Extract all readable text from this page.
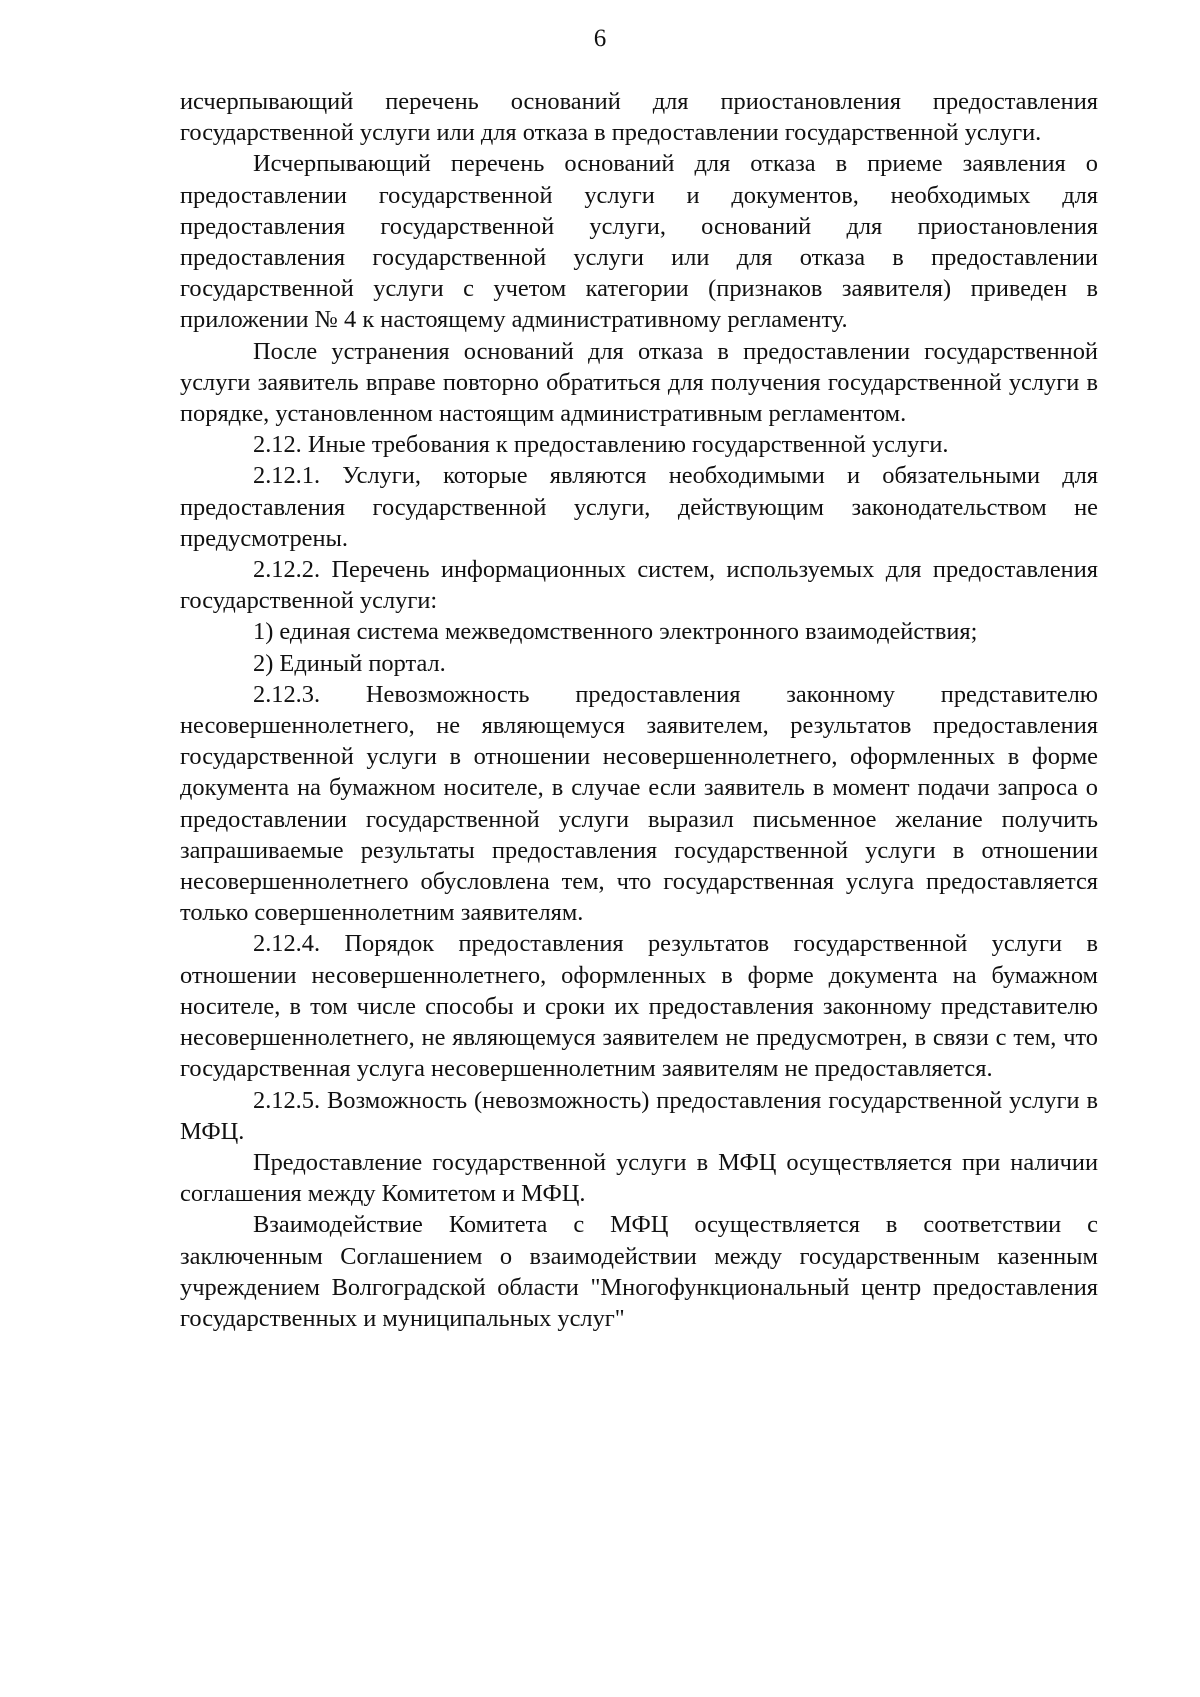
6

исчерпывающий перечень оснований для приостановления предоставления государственной услуги или для отказа в предоставлении государственной услуги.

Исчерпывающий перечень оснований для отказа в приеме заявления о предоставлении государственной услуги и документов, необходимых для предоставления государственной услуги, оснований для приостановления предоставления государственной услуги или для отказа в предоставлении государственной услуги с учетом категории (признаков заявителя) приведен в приложении № 4 к настоящему административному регламенту.

После устранения оснований для отказа в предоставлении государственной услуги заявитель вправе повторно обратиться для получения государственной услуги в порядке, установленном настоящим административным регламентом.

2.12. Иные требования к предоставлению государственной услуги.

2.12.1. Услуги, которые являются необходимыми и обязательными для предоставления государственной услуги, действующим законодательством не предусмотрены.

2.12.2. Перечень информационных систем, используемых для предоставления государственной услуги:

1) единая система межведомственного электронного взаимодействия;

2) Единый портал.

2.12.3. Невозможность предоставления законному представителю несовершеннолетнего, не являющемуся заявителем, результатов предоставления государственной услуги в отношении несовершеннолетнего, оформленных в форме документа на бумажном носителе, в случае если заявитель в момент подачи запроса о предоставлении государственной услуги выразил письменное желание получить запрашиваемые результаты предоставления государственной услуги в отношении несовершеннолетнего обусловлена тем, что государственная услуга предоставляется только совершеннолетним заявителям.

2.12.4. Порядок предоставления результатов государственной услуги в отношении несовершеннолетнего, оформленных в форме документа на бумажном носителе, в том числе способы и сроки их предоставления законному представителю несовершеннолетнего, не являющемуся заявителем не предусмотрен, в связи с тем, что государственная услуга несовершеннолетним заявителям не предоставляется.

2.12.5. Возможность (невозможность) предоставления государственной услуги в МФЦ.

Предоставление государственной услуги в МФЦ осуществляется при наличии соглашения между Комитетом и МФЦ.

Взаимодействие Комитета с МФЦ осуществляется в соответствии с заключенным Соглашением о взаимодействии между государственным казенным учреждением Волгоградской области "Многофункциональный центр предоставления государственных и муниципальных услуг"
